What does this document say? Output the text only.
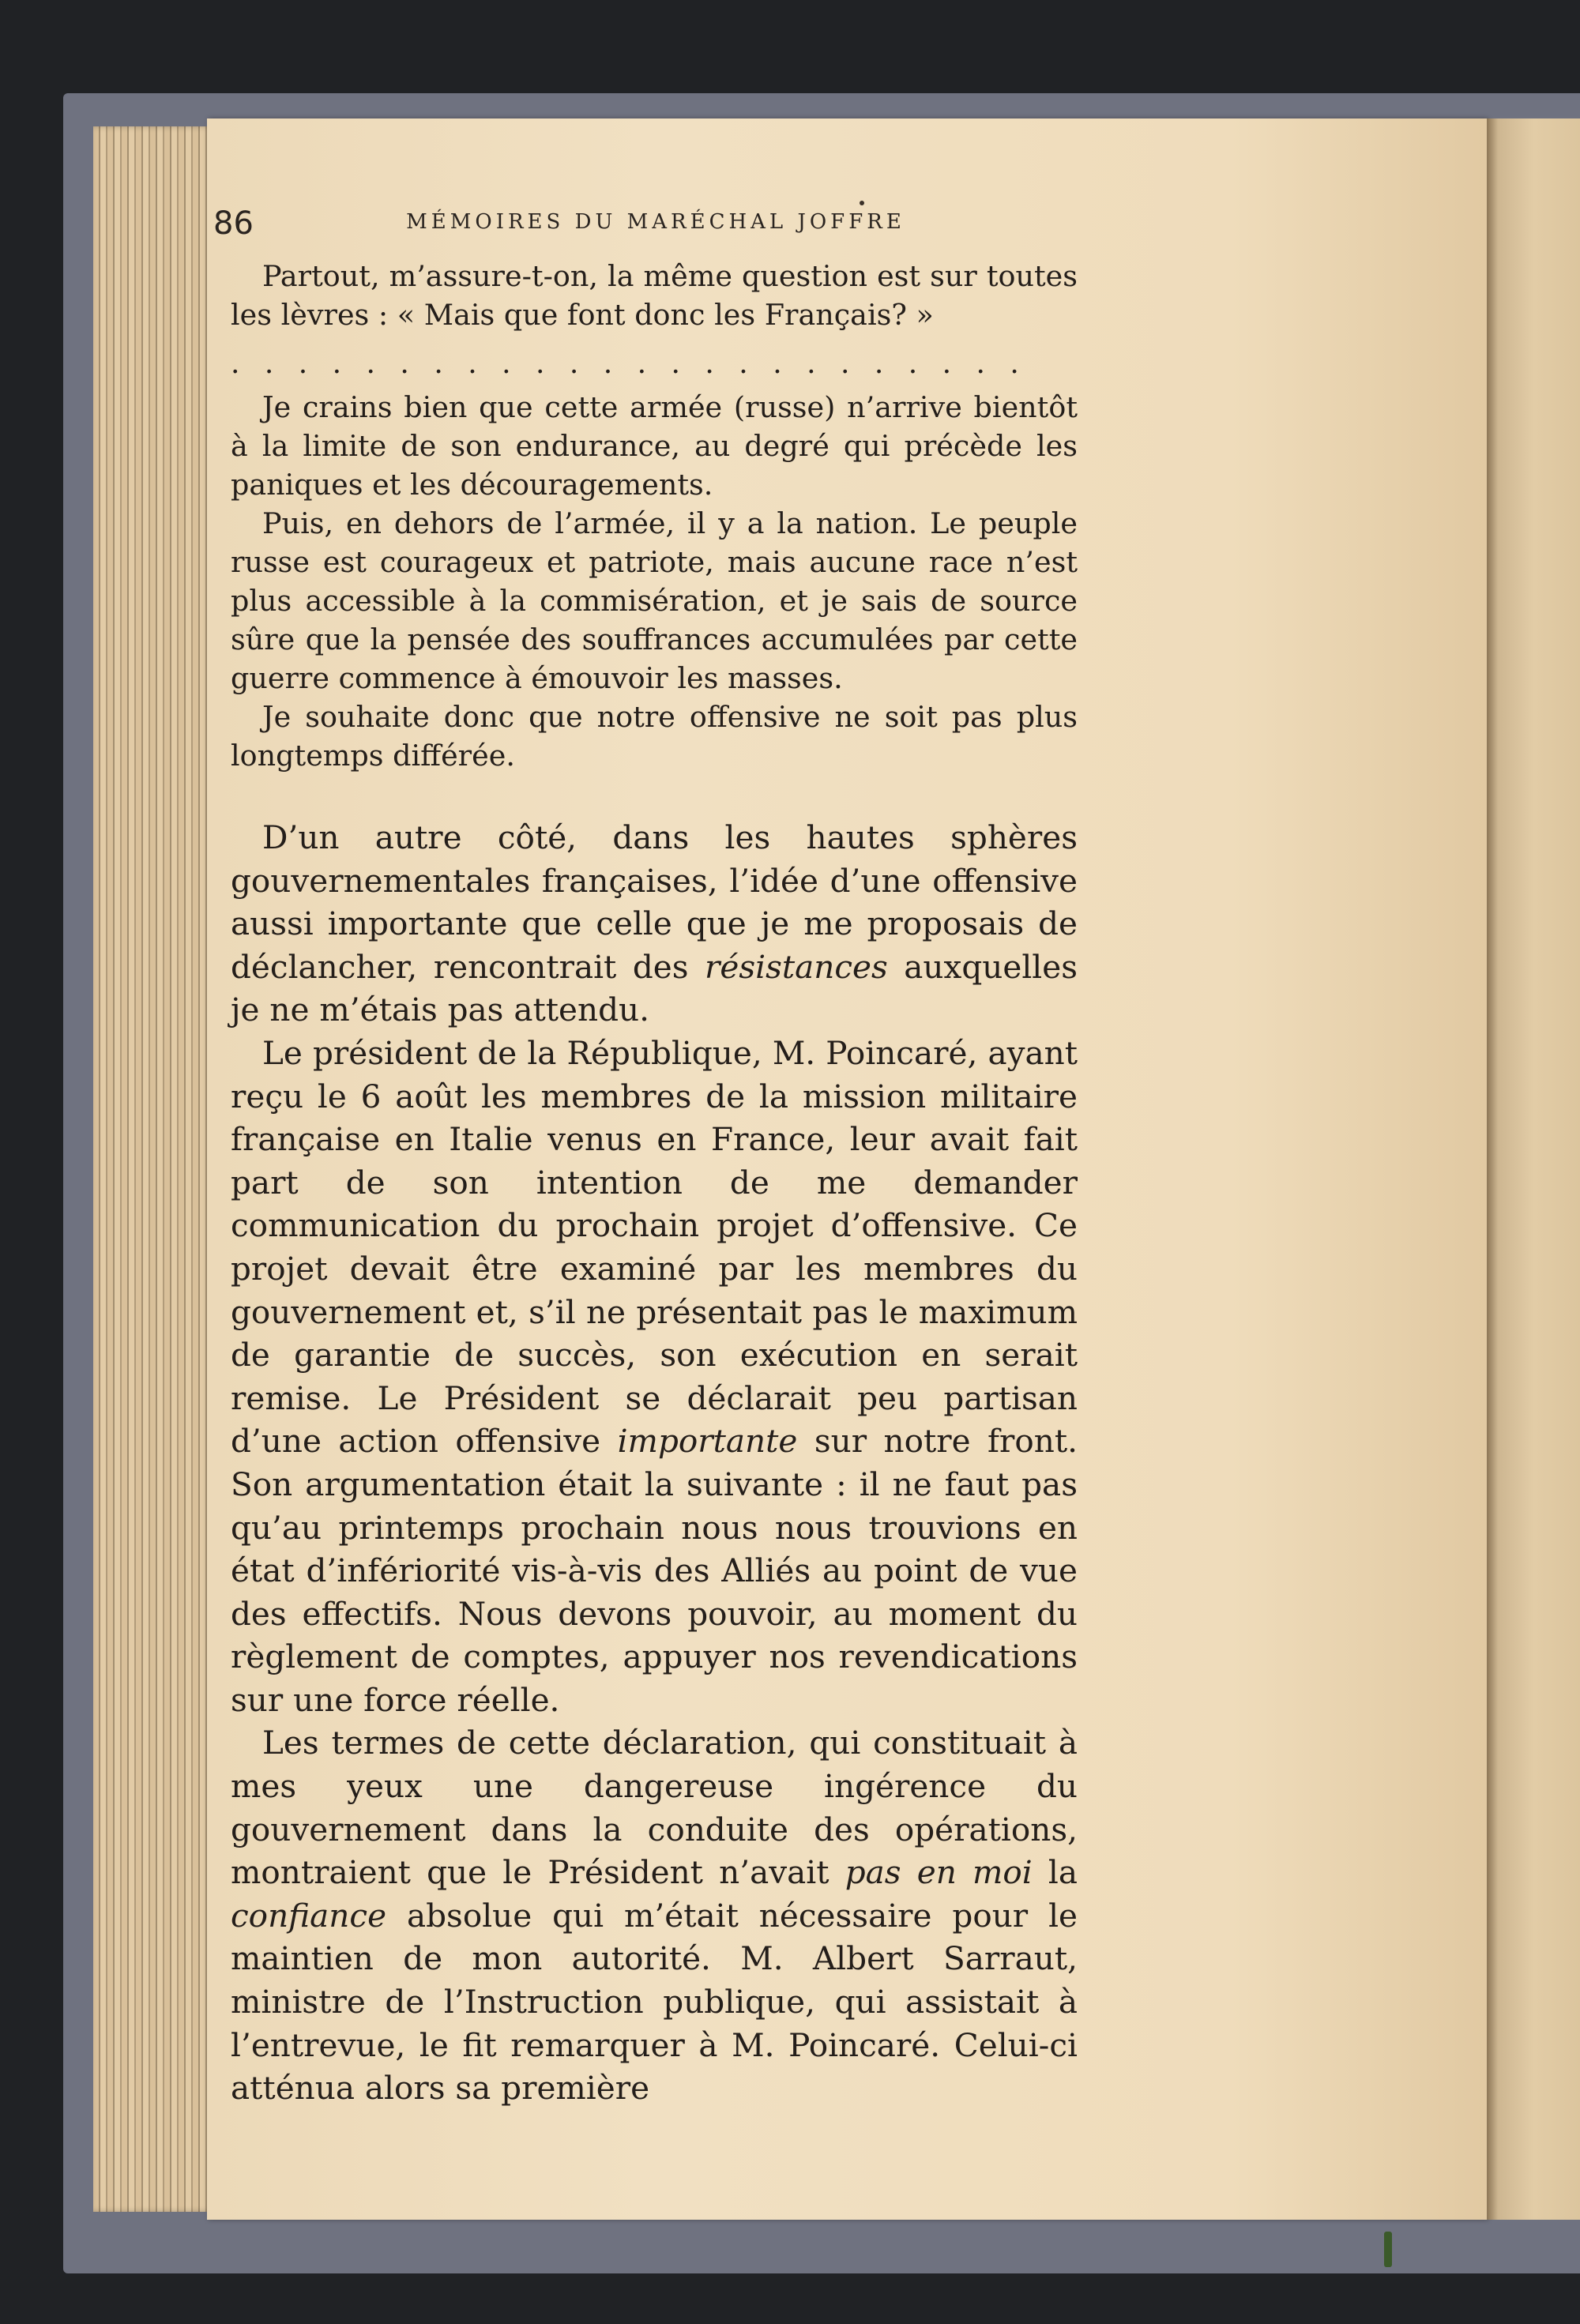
86	MÉMOIRES DU MARÉCHAL JOFFRE

Partout, m’assure-t-on, la même question est sur toutes les lèvres : « Mais que font donc les Français? »

. . . . . . . . . . . . . . . . . . . . . . . .

Je crains bien que cette armée (russe) n’arrive bientôt à la limite de son endurance, au degré qui précède les paniques et les découragements.

Puis, en dehors de l’armée, il y a la nation. Le peuple russe est courageux et patriote, mais aucune race n’est plus accessible à la commisération, et je sais de source sûre que la pensée des souffrances accumulées par cette guerre commence à émouvoir les masses.

Je souhaite donc que notre offensive ne soit pas plus longtemps différée.

D’un autre côté, dans les hautes sphères gouvernementales françaises, l’idée d’une offensive aussi importante que celle que je me proposais de déclancher, rencontrait des résistances auxquelles je ne m’étais pas attendu.

Le président de la République, M. Poincaré, ayant reçu le 6 août les membres de la mission militaire française en Italie venus en France, leur avait fait part de son intention de me demander communication du prochain projet d’offensive. Ce projet devait être examiné par les membres du gouvernement et, s’il ne présentait pas le maximum de garantie de succès, son exécution en serait remise. Le Président se déclarait peu partisan d’une action offensive importante sur notre front. Son argumentation était la suivante : il ne faut pas qu’au printemps prochain nous nous trouvions en état d’infériorité vis-à-vis des Alliés au point de vue des effectifs. Nous devons pouvoir, au moment du règlement de comptes, appuyer nos revendications sur une force réelle.

Les termes de cette déclaration, qui constituait à mes yeux une dangereuse ingérence du gouvernement dans la conduite des opérations, montraient que le Président n’avait pas en moi la confiance absolue qui m’était nécessaire pour le maintien de mon autorité. M. Albert Sarraut, ministre de l’Instruction publique, qui assistait à l’entrevue, le fit remarquer à M. Poincaré. Celui-ci atténua alors sa première
